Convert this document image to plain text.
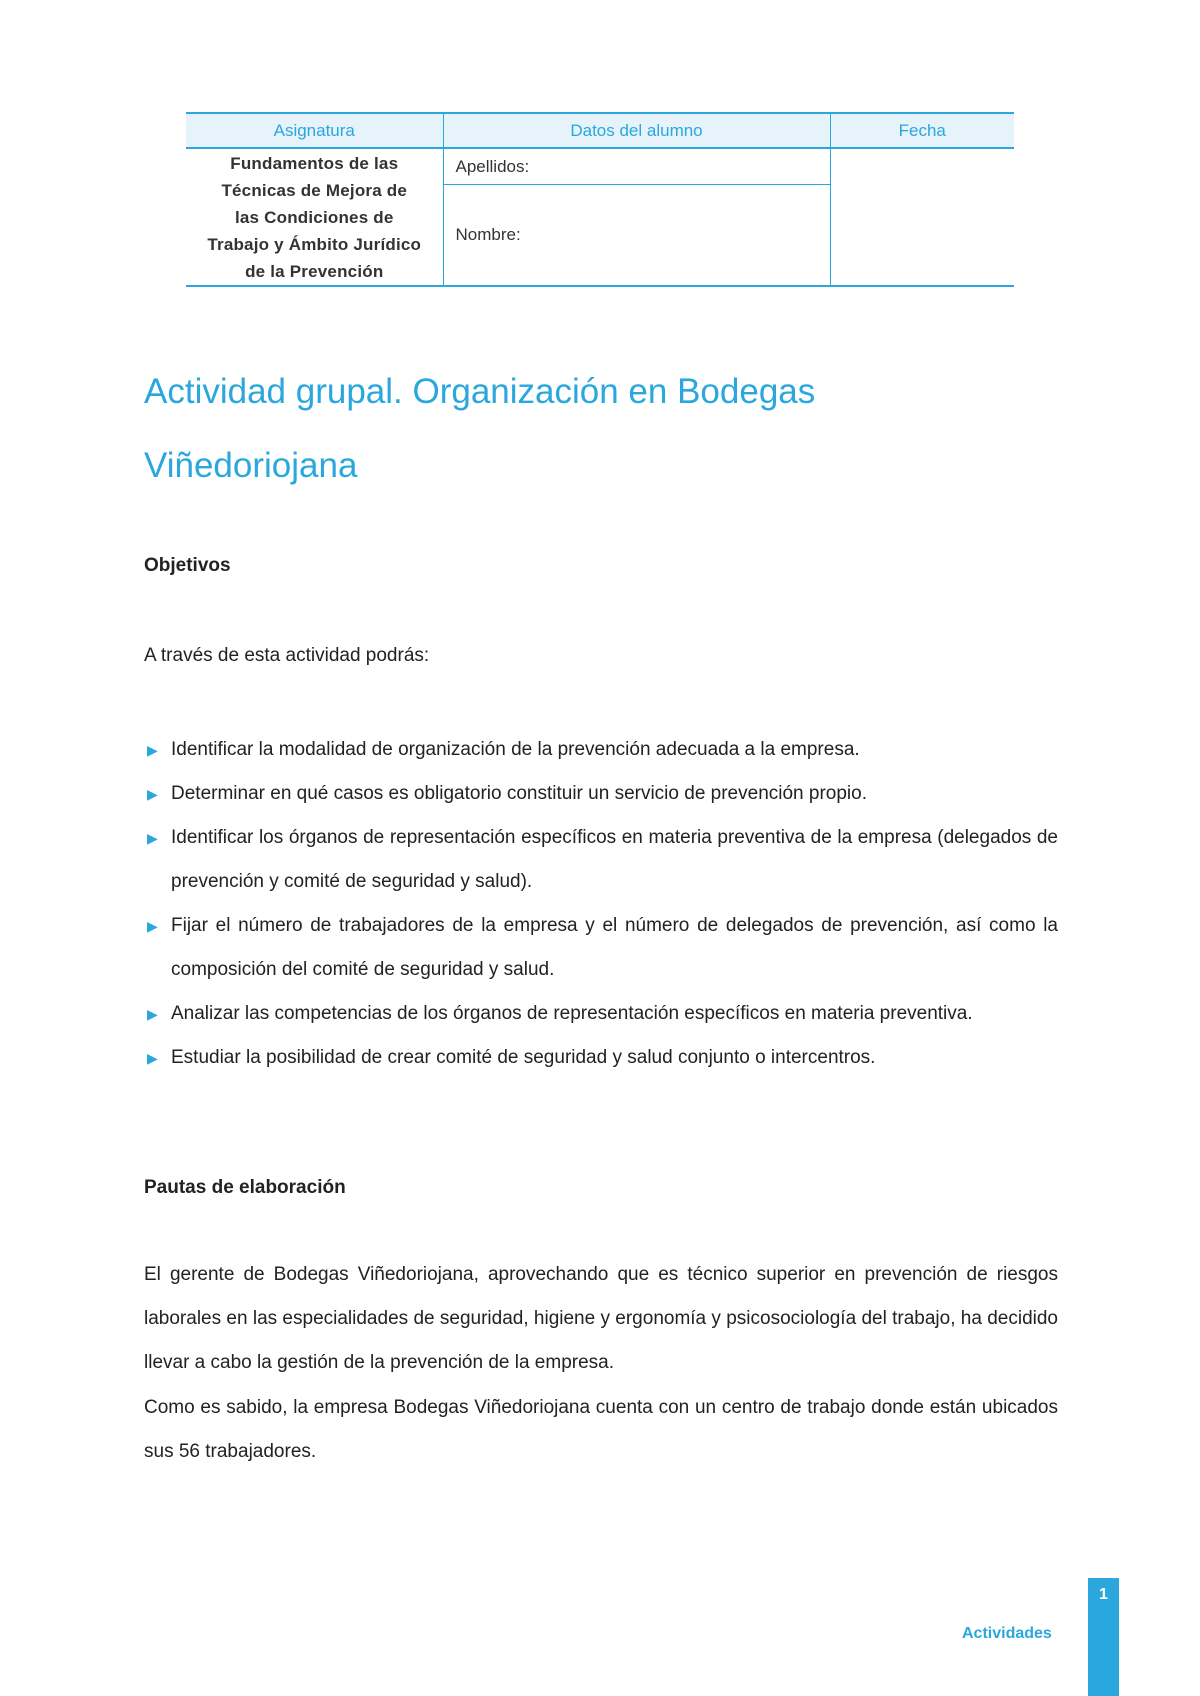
Asignatura	Datos del alumno	Fecha

Fundamentos de las
Técnicas de Mejora de
las Condiciones de
Trabajo y Ámbito Jurídico
de la Prevención	Apellidos:	
	Nombre:	
Actividad grupal. Organización en Bodegas
Viñedoriojana
Objetivos

A través de esta actividad podrás:

▶ Identificar la modalidad de organización de la prevención adecuada a la empresa.
▶ Determinar en qué casos es obligatorio constituir un servicio de prevención propio.
▶ Identificar los órganos de representación específicos en materia preventiva de la empresa (delegados de prevención y comité de seguridad y salud).
▶ Fijar el número de trabajadores de la empresa y el número de delegados de prevención, así como la composición del comité de seguridad y salud.
▶ Analizar las competencias de los órganos de representación específicos en materia preventiva.
▶ Estudiar la posibilidad de crear comité de seguridad y salud conjunto o intercentros.
Pautas de elaboración

El gerente de Bodegas Viñedoriojana, aprovechando que es técnico superior en prevención de riesgos laborales en las especialidades de seguridad, higiene y ergonomía y psicosociología del trabajo, ha decidido llevar a cabo la gestión de la prevención de la empresa.

Como es sabido, la empresa Bodegas Viñedoriojana cuenta con un centro de trabajo donde están ubicados sus 56 trabajadores.

Actividades
1
